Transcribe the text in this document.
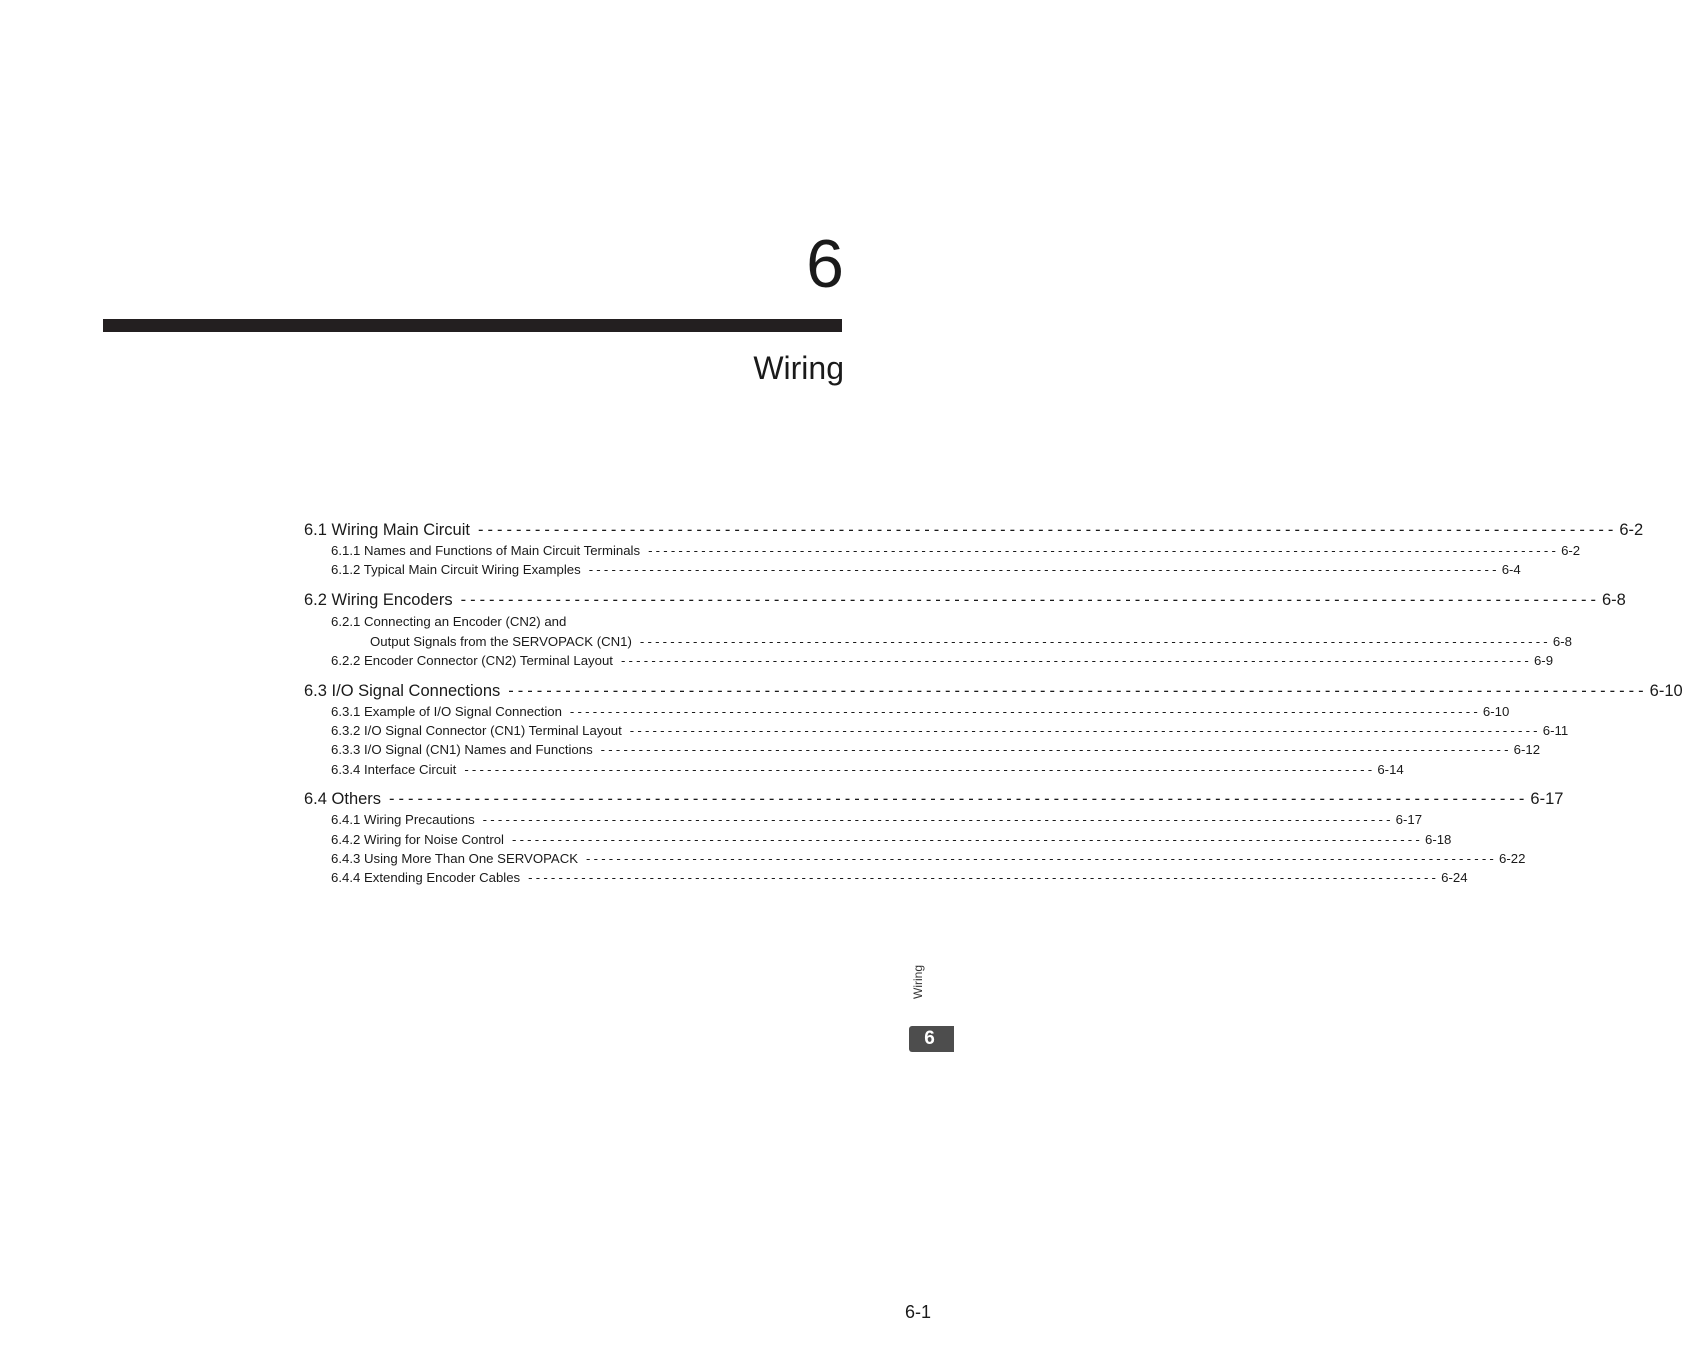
6
Wiring
6.1 Wiring Main Circuit ------------------------------------------------------------------------------------------------------------------------ 6-2
6.1.1 Names and Functions of Main Circuit Terminals ------------------------------------------------------------------------------------------------------------------------ 6-2
6.1.2 Typical Main Circuit Wiring Examples ------------------------------------------------------------------------------------------------------------------------ 6-4
6.2 Wiring Encoders ------------------------------------------------------------------------------------------------------------------------ 6-8
6.2.1 Connecting an Encoder (CN2) and
Output Signals from the SERVOPACK (CN1) ------------------------------------------------------------------------------------------------------------------------ 6-8
6.2.2 Encoder Connector (CN2) Terminal Layout ------------------------------------------------------------------------------------------------------------------------ 6-9
6.3 I/O Signal Connections ------------------------------------------------------------------------------------------------------------------------ 6-10
6.3.1 Example of I/O Signal Connection ------------------------------------------------------------------------------------------------------------------------ 6-10
6.3.2 I/O Signal Connector (CN1) Terminal Layout ------------------------------------------------------------------------------------------------------------------------ 6-11
6.3.3 I/O Signal (CN1) Names and Functions ------------------------------------------------------------------------------------------------------------------------ 6-12
6.3.4 Interface Circuit ------------------------------------------------------------------------------------------------------------------------ 6-14
6.4 Others ------------------------------------------------------------------------------------------------------------------------ 6-17
6.4.1 Wiring Precautions ------------------------------------------------------------------------------------------------------------------------ 6-17
6.4.2 Wiring for Noise Control ------------------------------------------------------------------------------------------------------------------------ 6-18
6.4.3 Using More Than One SERVOPACK ------------------------------------------------------------------------------------------------------------------------ 6-22
6.4.4 Extending Encoder Cables ------------------------------------------------------------------------------------------------------------------------ 6-24
Wiring
6
6-1
